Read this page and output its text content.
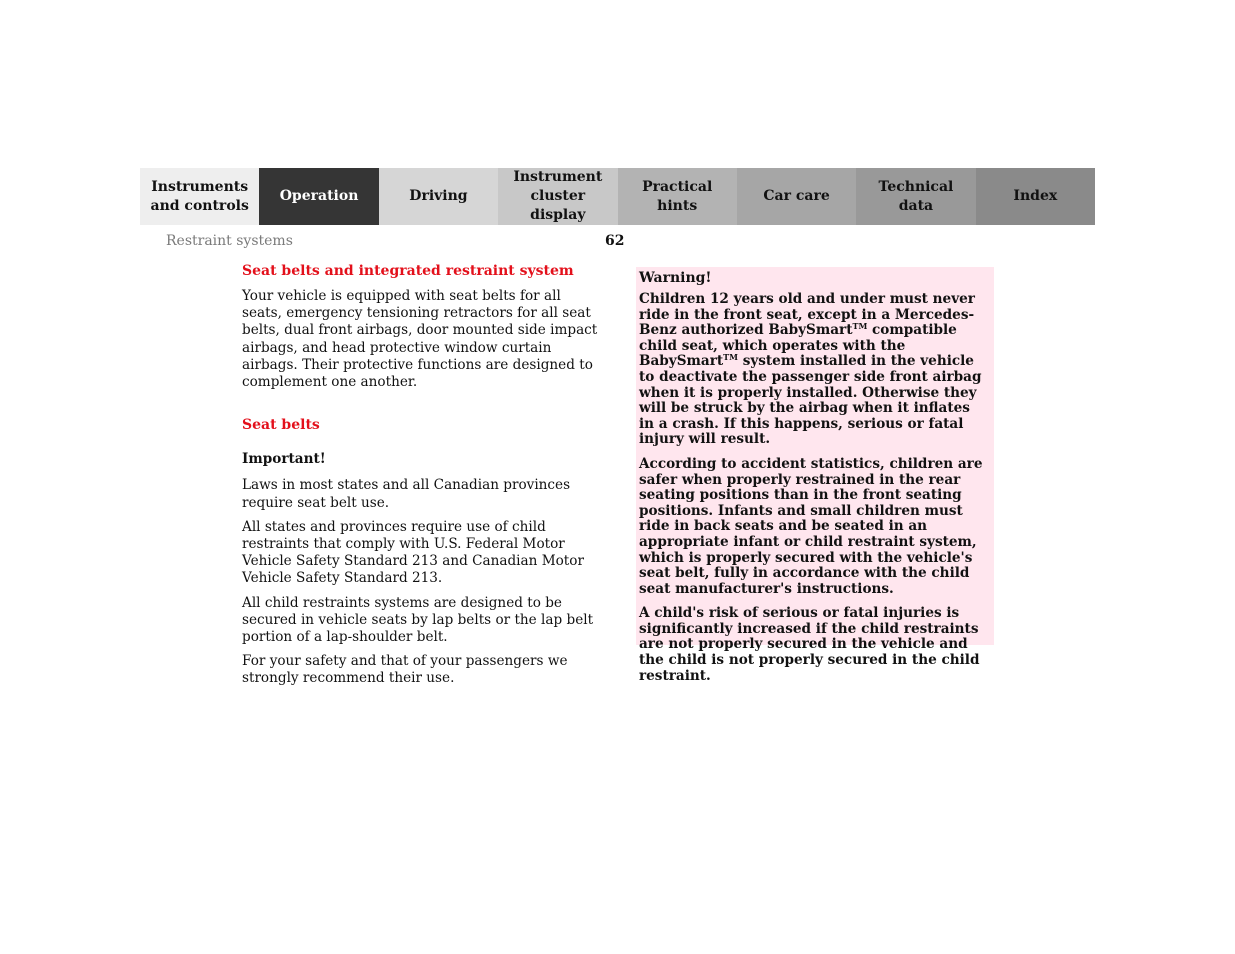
Instruments
and controls
Operation	Driving
Instrument
cluster display
Practical hints
Car care
Technical
data
Index
Restraint systems	62
Seat belts and integrated restraint system

Your vehicle is equipped with seat belts for all seats, emergency tensioning retractors for all seat belts, dual front airbags, door mounted side impact airbags, and head protective window curtain airbags. Their protective functions are designed to complement one another.

Seat belts

Important!

Laws in most states and all Canadian provinces require seat belt use.

All states and provinces require use of child restraints that comply with U.S. Federal Motor Vehicle Safety Standard 213 and Canadian Motor Vehicle Safety Standard 213.

All child restraints systems are designed to be secured in vehicle seats by lap belts or the lap belt portion of a lap-shoulder belt.

For your safety and that of your passengers we strongly recommend their use.

Warning!

Children 12 years old and under must never ride in the front seat, except in a Mercedes-Benz authorized BabySmart™ compatible child seat, which operates with the BabySmart™ system installed in the vehicle to deactivate the passenger side front airbag when it is properly installed. Otherwise they will be struck by the airbag when it inflates in a crash. If this happens, serious or fatal injury will result.

According to accident statistics, children are safer when properly restrained in the rear seating positions than in the front seating positions. Infants and small children must ride in back seats and be seated in an appropriate infant or child restraint system, which is properly secured with the vehicle's seat belt, fully in accordance with the child seat manufacturer's instructions.

A child's risk of serious or fatal injuries is significantly increased if the child restraints are not properly secured in the vehicle and the child is not properly secured in the child restraint.
